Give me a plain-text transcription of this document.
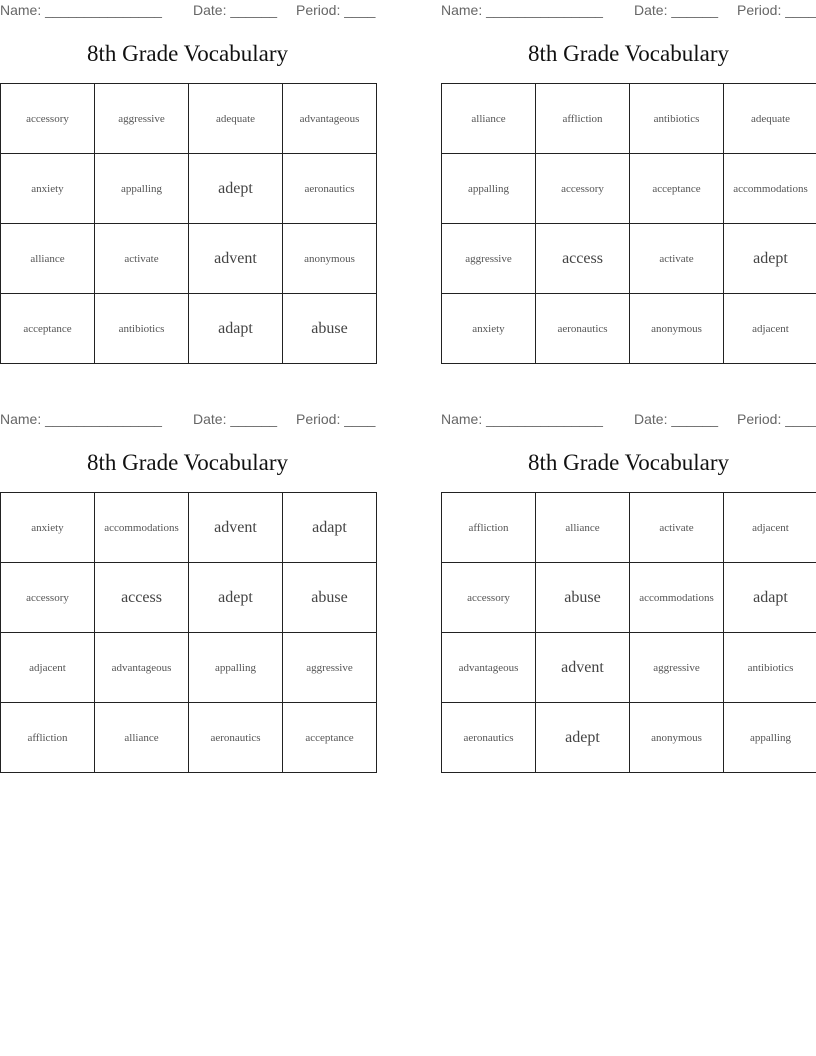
Name: _______________ Date: ______ Period: ____
8th Grade Vocabulary
accessory	aggressive	adequate	advantageous
anxiety	appalling	adept	aeronautics
alliance	activate	advent	anonymous
acceptance	antibiotics	adapt	abuse
Name: _______________ Date: ______ Period: ____
8th Grade Vocabulary
alliance	affliction	antibiotics	adequate
appalling	accessory	acceptance	accommodations
aggressive	access	activate	adept
anxiety	aeronautics	anonymous	adjacent
Name: _______________ Date: ______ Period: ____
8th Grade Vocabulary
anxiety	accommodations	advent	adapt
accessory	access	adept	abuse
adjacent	advantageous	appalling	aggressive
affliction	alliance	aeronautics	acceptance
Name: _______________ Date: ______ Period: ____
8th Grade Vocabulary
affliction	alliance	activate	adjacent
accessory	abuse	accommodations	adapt
advantageous	advent	aggressive	antibiotics
aeronautics	adept	anonymous	appalling
